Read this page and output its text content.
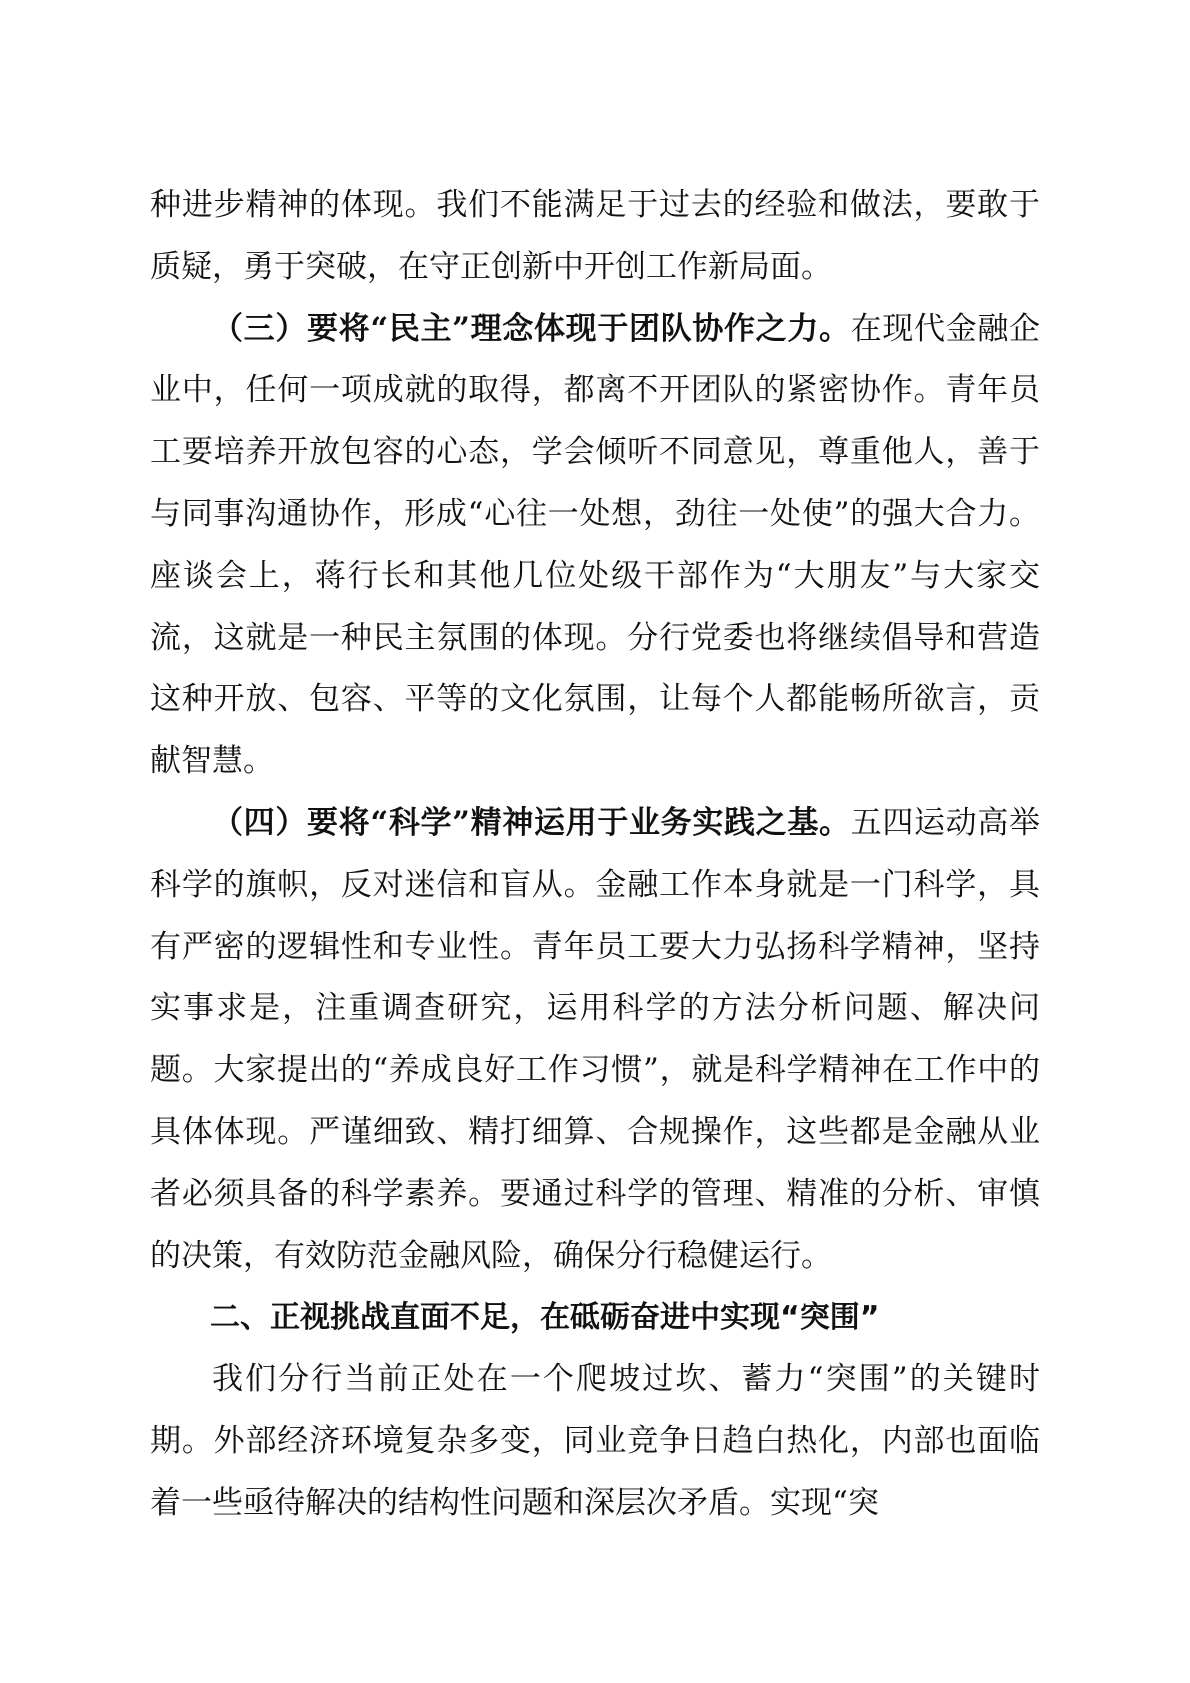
种进步精神的体现。我们不能满足于过去的经验和做法，要敢于质疑，勇于突破，在守正创新中开创工作新局面。

（三）要将“民主”理念体现于团队协作之力。在现代金融企业中，任何一项成就的取得，都离不开团队的紧密协作。青年员工要培养开放包容的心态，学会倾听不同意见，尊重他人，善于与同事沟通协作，形成“心往一处想，劲往一处使”的强大合力。座谈会上，蒋行长和其他几位处级干部作为“大朋友”与大家交流，这就是一种民主氛围的体现。分行党委也将继续倡导和营造这种开放、包容、平等的文化氛围，让每个人都能畅所欲言，贡献智慧。

（四）要将“科学”精神运用于业务实践之基。五四运动高举科学的旗帜，反对迷信和盲从。金融工作本身就是一门科学，具有严密的逻辑性和专业性。青年员工要大力弘扬科学精神，坚持实事求是，注重调查研究，运用科学的方法分析问题、解决问题。大家提出的“养成良好工作习惯”，就是科学精神在工作中的具体体现。严谨细致、精打细算、合规操作，这些都是金融从业者必须具备的科学素养。要通过科学的管理、精准的分析、审慎的决策，有效防范金融风险，确保分行稳健运行。

二、正视挑战直面不足，在砥砺奋进中实现“突围”

我们分行当前正处在一个爬坡过坎、蓄力“突围”的关键时期。外部经济环境复杂多变，同业竞争日趋白热化，内部也面临着一些亟待解决的结构性问题和深层次矛盾。实现“突
